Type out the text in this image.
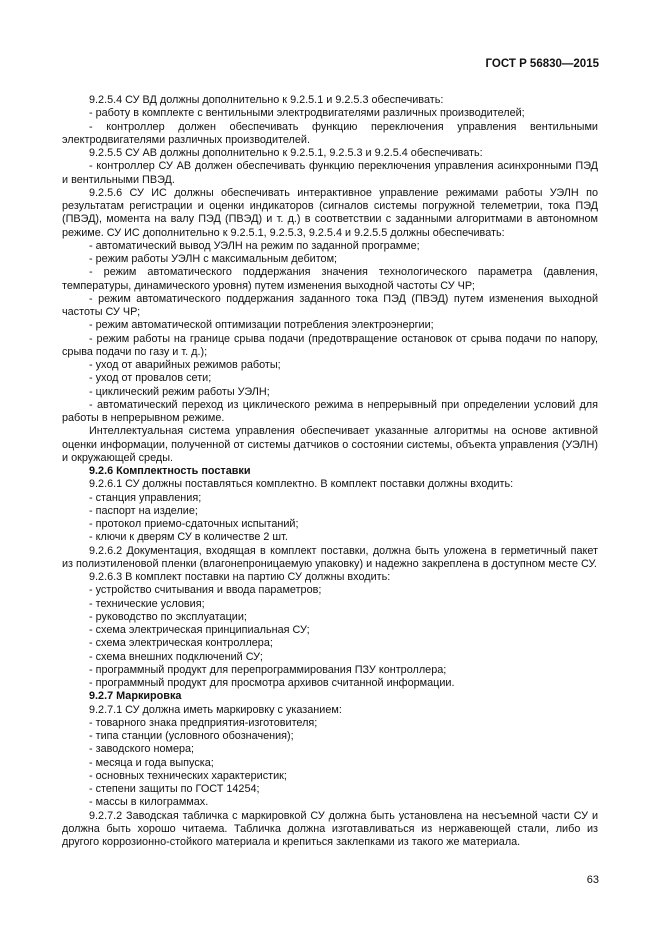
ГОСТ Р 56830—2015

9.2.5.4 СУ ВД должны дополнительно к 9.2.5.1 и 9.2.5.3 обеспечивать:

- работу в комплекте с вентильными электродвигателями различных производителей;

- контроллер должен обеспечивать функцию переключения управления вентильными электродвигателями различных производителей.

9.2.5.5 СУ АВ должны дополнительно к 9.2.5.1, 9.2.5.3 и 9.2.5.4 обеспечивать:

- контроллер СУ АВ должен обеспечивать функцию переключения управления асинхронными ПЭД и вентильными ПВЭД.

9.2.5.6 СУ ИС должны обеспечивать интерактивное управление режимами работы УЭЛН по результатам регистрации и оценки индикаторов (сигналов системы погружной телеметрии, тока ПЭД (ПВЭД), момента на валу ПЭД (ПВЭД) и т. д.) в соответствии с заданными алгоритмами в автономном режиме. СУ ИС дополнительно к 9.2.5.1, 9.2.5.3, 9.2.5.4 и 9.2.5.5 должны обеспечивать:

- автоматический вывод УЭЛН на режим по заданной программе;

- режим работы УЭЛН с максимальным дебитом;

- режим автоматического поддержания значения технологического параметра (давления, температуры, динамического уровня) путем изменения выходной частоты СУ ЧР;

- режим автоматического поддержания заданного тока ПЭД (ПВЭД) путем изменения выходной частоты СУ ЧР;

- режим автоматической оптимизации потребления электроэнергии;

- режим работы на границе срыва подачи (предотвращение остановок от срыва подачи по напору, срыва подачи по газу и т. д.);

- уход от аварийных режимов работы;

- уход от провалов сети;

- циклический режим работы УЭЛН;

- автоматический переход из циклического режима в непрерывный при определении условий для работы в непрерывном режиме.

Интеллектуальная система управления обеспечивает указанные алгоритмы на основе активной оценки информации, полученной от системы датчиков о состоянии системы, объекта управления (УЭЛН) и окружающей среды.

9.2.6 Комплектность поставки

9.2.6.1 СУ должны поставляться комплектно. В комплект поставки должны входить:

- станция управления;

- паспорт на изделие;

- протокол приемо-сдаточных испытаний;

- ключи к дверям СУ в количестве 2 шт.

9.2.6.2 Документация, входящая в комплект поставки, должна быть уложена в герметичный пакет из полиэтиленовой пленки (влагонепроницаемую упаковку) и надежно закреплена в доступном месте СУ.

9.2.6.3 В комплект поставки на партию СУ должны входить:

- устройство считывания и ввода параметров;

- технические условия;

- руководство по эксплуатации;

- схема электрическая принципиальная СУ;

- схема электрическая контроллера;

- схема внешних подключений СУ;

- программный продукт для перепрограммирования ПЗУ контроллера;

- программный продукт для просмотра архивов считанной информации.

9.2.7 Маркировка

9.2.7.1 СУ должна иметь маркировку с указанием:

- товарного знака предприятия-изготовителя;

- типа станции (условного обозначения);

- заводского номера;

- месяца и года выпуска;

- основных технических характеристик;

- степени защиты по ГОСТ 14254;

- массы в килограммах.

9.2.7.2 Заводская табличка с маркировкой СУ должна быть установлена на несъемной части СУ и должна быть хорошо читаема. Табличка должна изготавливаться из нержавеющей стали, либо из другого коррозионно-стойкого материала и крепиться заклепками из такого же материала.

63
